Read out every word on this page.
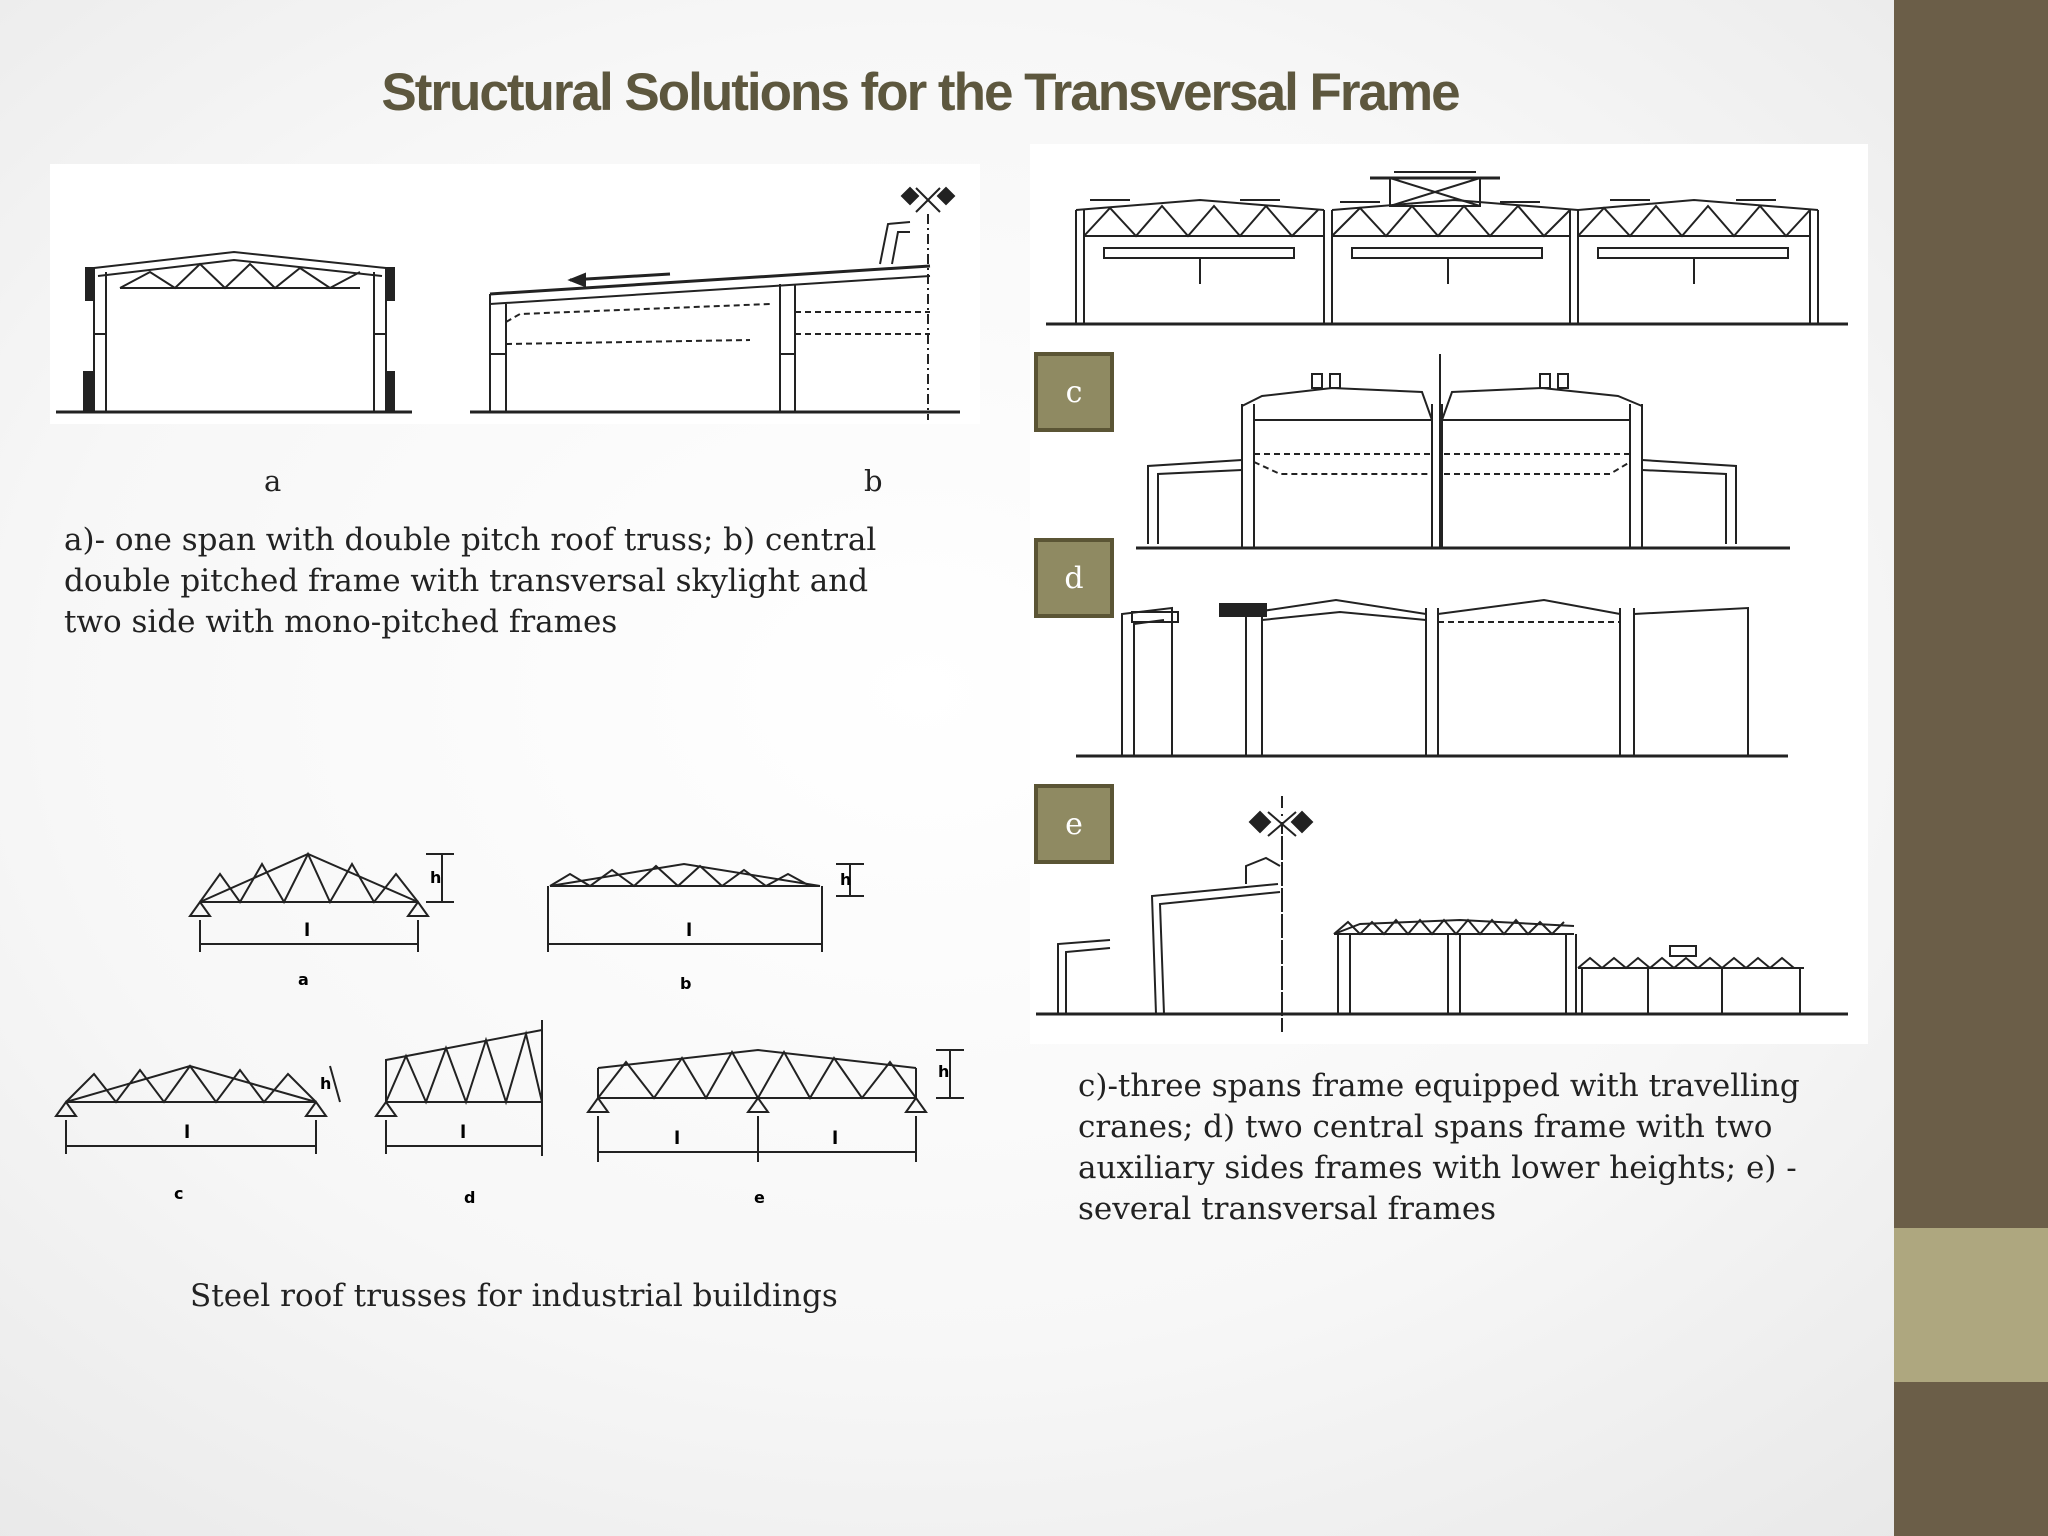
Structural Solutions for the Transversal Frame
a	b

a)- one span with double pitch roof truss; b) central double pitched frame with transversal skylight and two side with mono-pitched frames

c
d
e

c)-three spans frame equipped with travelling cranes; d) two central spans frame with two auxiliary sides frames with lower heights; e) -several transversal frames

a	b
c	d	e
l
h
l
h
l
h
l	l	l
h

Steel roof trusses for industrial buildings
